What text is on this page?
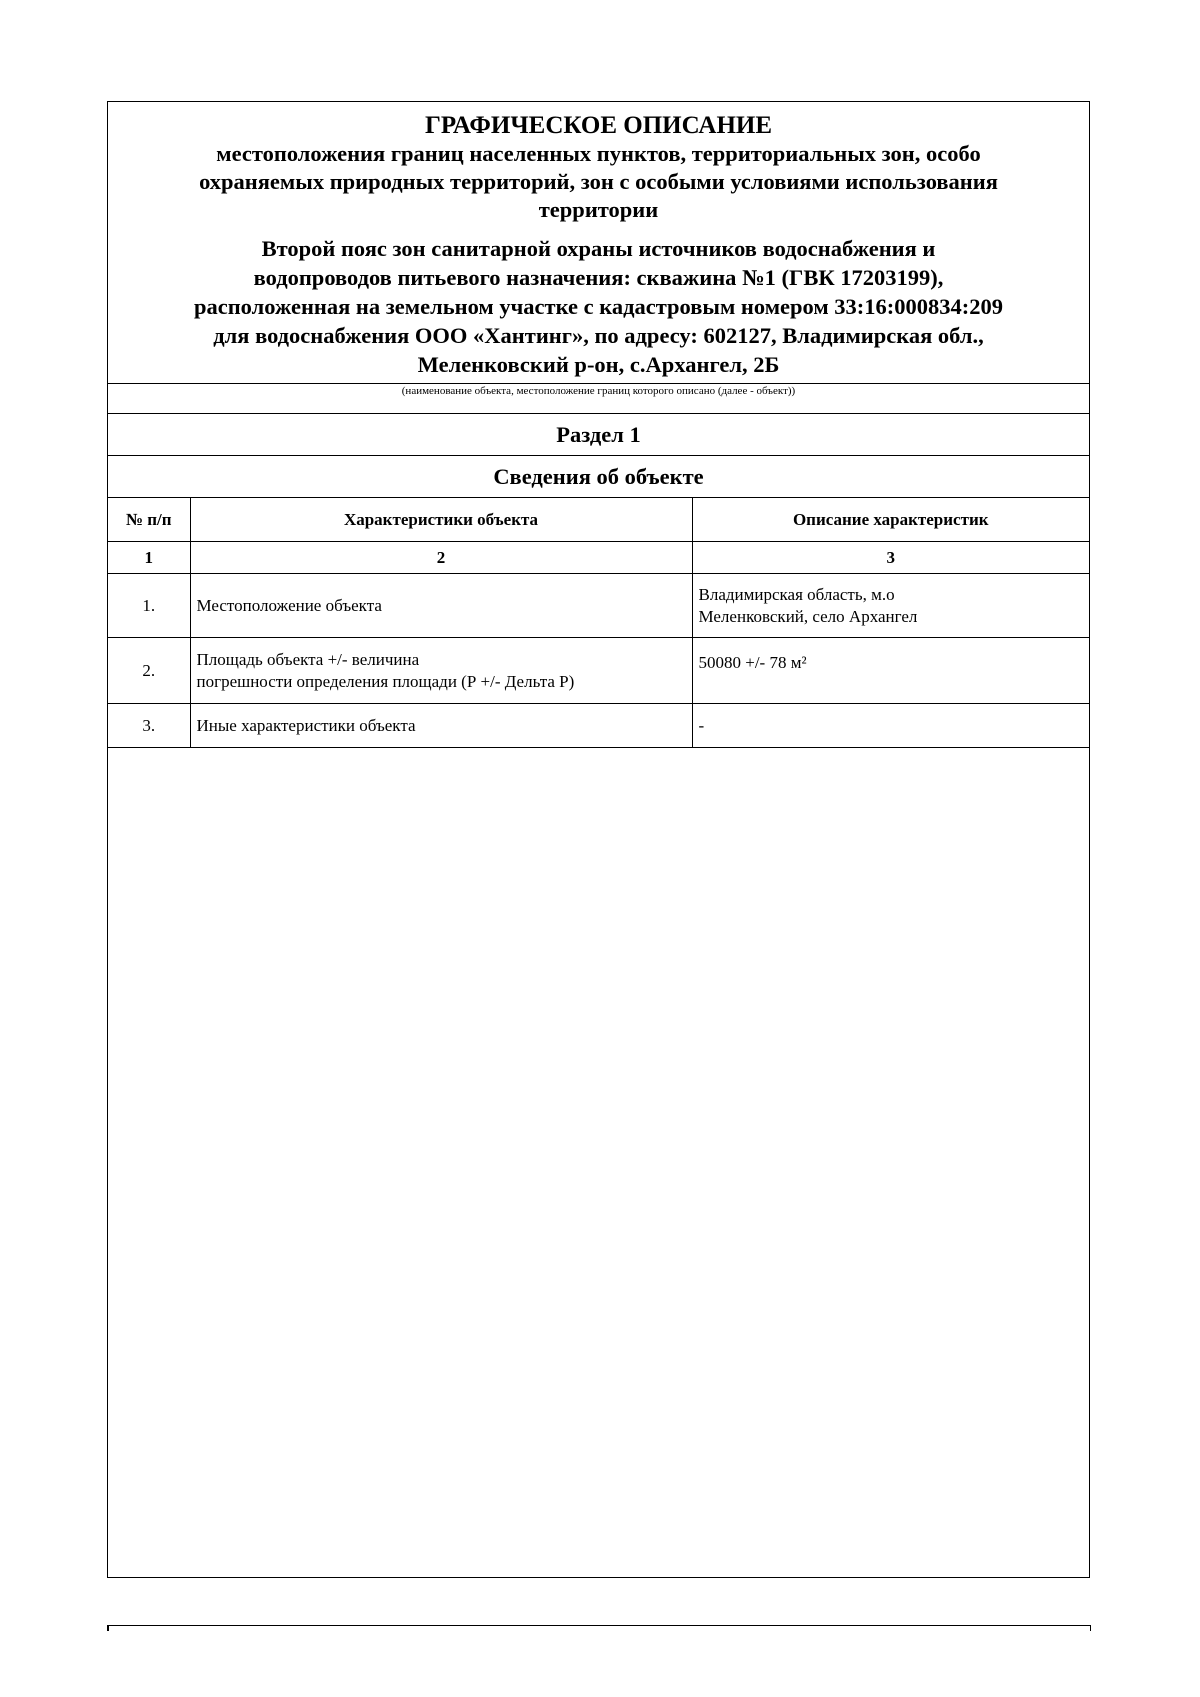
ГРАФИЧЕСКОЕ ОПИСАНИЕ
местоположения границ населенных пунктов, территориальных зон, особо
охраняемых природных территорий, зон с особыми условиями использования
территории
Второй пояс зон санитарной охраны источников водоснабжения и
водопроводов питьевого назначения: скважина №1 (ГВК 17203199),
расположенная на земельном участке с кадастровым номером 33:16:000834:209
для водоснабжения ООО «Хантинг», по адресу: 602127, Владимирская обл.,
Меленковский р-он, с.Архангел, 2Б
(наименование объекта, местоположение границ которого описано (далее - объект))
Раздел 1
Сведения об объекте
№ п/п	Характеристики объекта	Описание характеристик
1	2	3
1.	Местоположение объекта	Владимирская область, м.о
Меленковский, село Архангел

2.	Площадь объекта +/- величина
погрешности определения площади (Р +/- Дельта Р)	50080 +/- 78 м²

3.	Иные характеристики объекта	-
